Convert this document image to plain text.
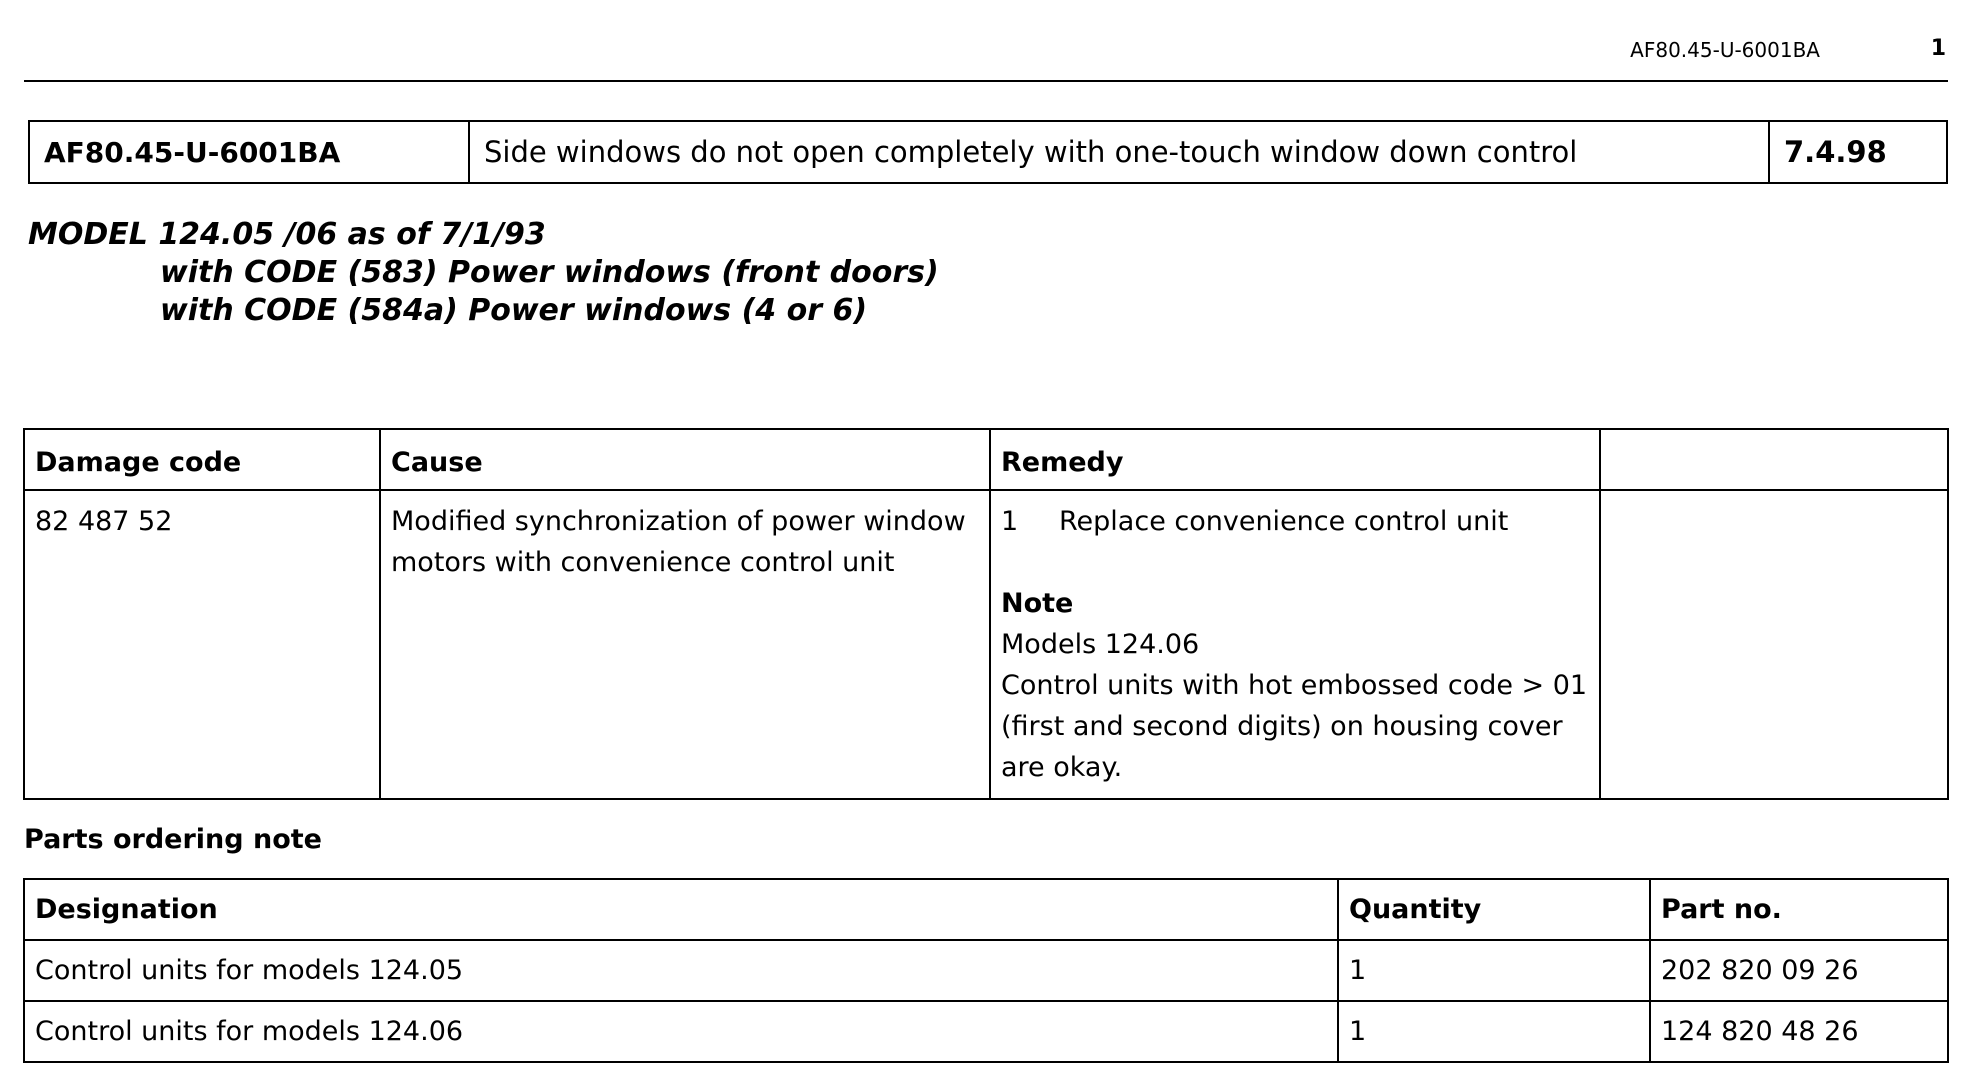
AF80.45-U-6001BA	1
AF80.45-U-6001BA	Side windows do not open completely with one-touch window down control	7.4.98
MODEL 124.05 /06 as of 7/1/93
with CODE (583) Power windows (front doors)
with CODE (584a) Power windows (4 or 6)
Damage code	Cause	Remedy	
82 487 52	Modified synchronization of power window motors with convenience control unit	1 Replace convenience control unit
Note
Models 124.06
Control units with hot embossed code > 01 (first and second digits) on housing cover are okay.	

Parts ordering note
Designation	Quantity	Part no.
Control units for models 124.05	1	202 820 09 26
Control units for models 124.06	1	124 820 48 26
